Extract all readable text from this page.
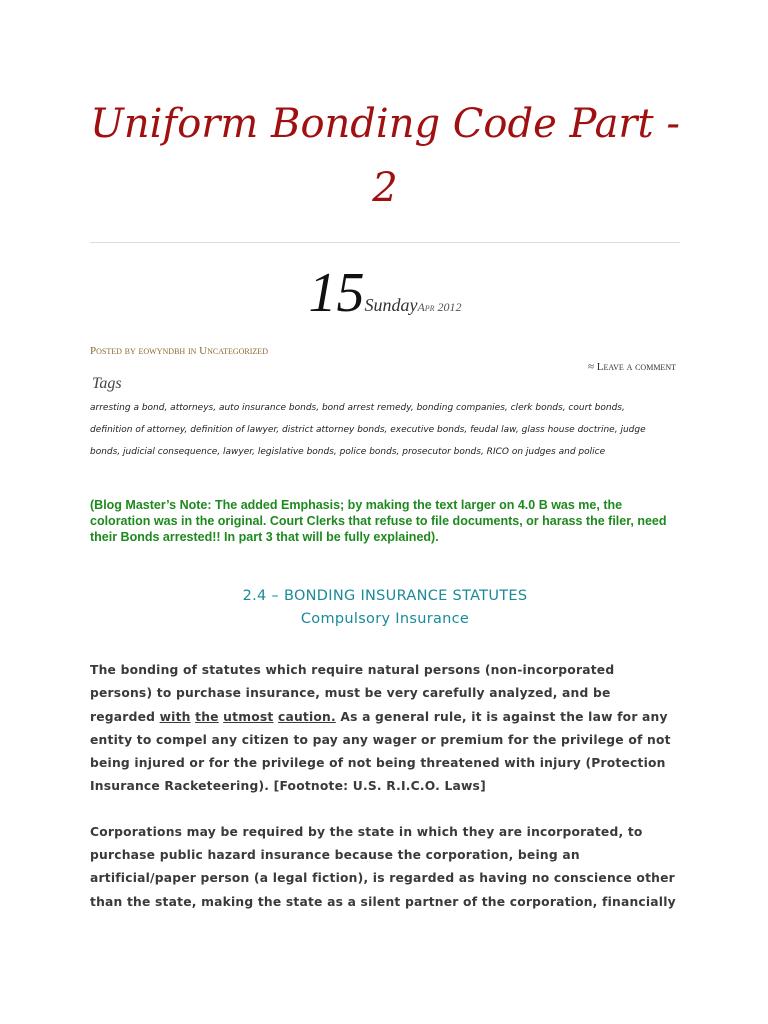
Uniform Bonding Code Part - 2
15SundayApr 2012
Posted by eowyndbh in Uncategorized
≈ Leave a comment
Tags
arresting a bond, attorneys, auto insurance bonds, bond arrest remedy, bonding companies, clerk bonds, court bonds, definition of attorney, definition of lawyer, district attorney bonds, executive bonds, feudal law, glass house doctrine, judge bonds, judicial consequence, lawyer, legislative bonds, police bonds, prosecutor bonds, RICO on judges and police
(Blog Master’s Note: The added Emphasis; by making the text larger on 4.0 B was me, the coloration was in the original. Court Clerks that refuse to file documents, or harass the filer, need their Bonds arrested!! In part 3 that will be fully explained).
2.4 – BONDING INSURANCE STATUTES
Compulsory Insurance

The bonding of statutes which require natural persons (non-incorporated persons) to purchase insurance, must be very carefully analyzed, and be regarded with the utmost caution. As a general rule, it is against the law for any entity to compel any citizen to pay any wager or premium for the privilege of not being injured or for the privilege of not being threatened with injury (Protection Insurance Racketeering). [Footnote: U.S. R.I.C.O. Laws]

Corporations may be required by the state in which they are incorporated, to purchase public hazard insurance because the corporation, being an artificial/paper person (a legal fiction), is regarded as having no conscience other than the state, making the state as a silent partner of the corporation, financially
